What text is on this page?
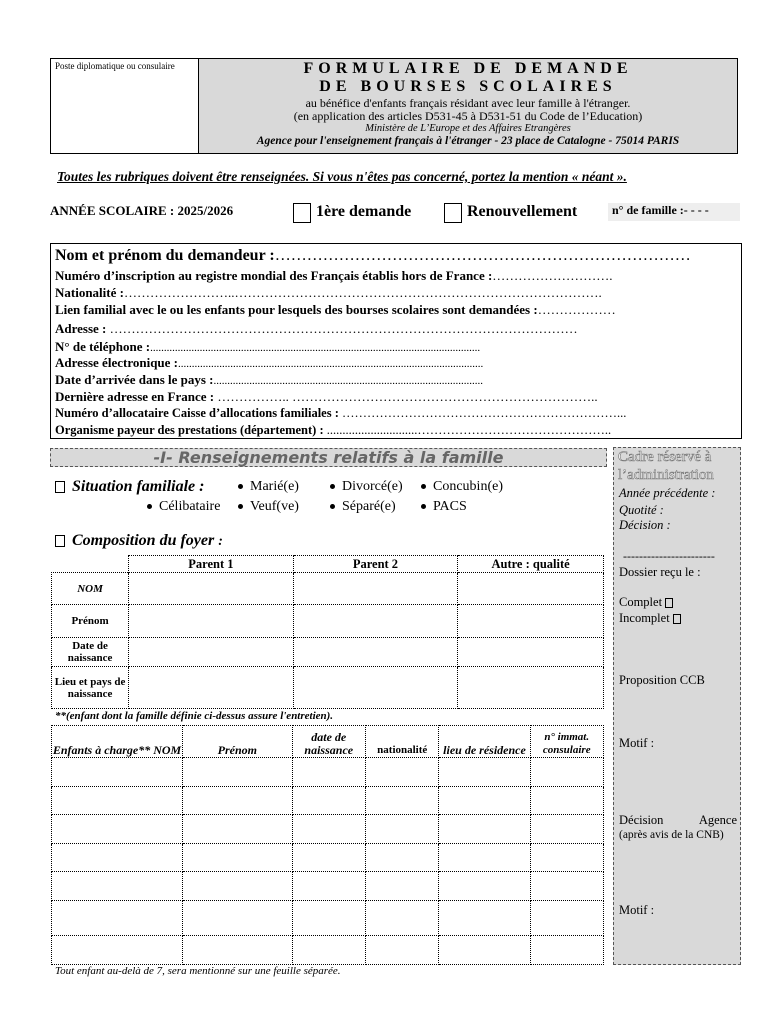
Poste diplomatique ou consulaire	FORMULAIRE DE DEMANDE
DE BOURSES SCOLAIRES
au bénéfice d'enfants français résidant avec leur famille à l'étranger.
(en application des articles D531-45 à D531-51 du Code de l’Education)
Ministère de L’Europe et des Affaires Etrangères
Agence pour l'enseignement français à l'étranger - 23 place de Catalogne - 75014 PARIS
Toutes les rubriques doivent être renseignées. Si vous n'êtes pas concerné, portez la mention « néant ».
ANNÉE SCOLAIRE : 2025/2026	1ère demande	Renouvellement	n° de famille :- - - -
Nom et prénom du demandeur :……………………………………………………………………
Numéro d’inscription au registre mondial des Français établis hors de France :……………………….
Nationalité :……………………..………………………………………………………………………….
Lien familial avec le ou les enfants pour lesquels des bourses scolaires sont demandées :………………
Adresse : ………………………………………………………………………………………………
N° de téléphone :........................................................................................................................
Adresse électronique :...............................................................................................................
Date d’arrivée dans le pays :..................................................................................................
Dernière adresse en France : …………….. ……………………………………………………………..
Numéro d’allocataire Caisse d’allocations familiales : …………………………………………………………...
Organisme payeur des prestations (département) : .............................………………………………………..
-I- Renseignements relatifs à la famille
Situation familiale :	Marié(e)	Divorcé(e)	Concubin(e)
Célibataire	Veuf(ve)	Séparé(e)	PACS
Composition du foyer :
	Parent 1	Parent 2	Autre : qualité
NOM			
Prénom			
Date de naissance			
Lieu et pays de naissance			
**(enfant dont la famille définie ci-dessus assure l'entretien).
Enfants à charge** NOM	Prénom	date de naissance	nationalité	lieu de résidence	n° immat. consulaire

Tout enfant au-delà de 7, sera mentionné sur une feuille séparée.
Cadre réservé à l’administration
Année précédente :
Quotité :
Décision :
-----------------------
Dossier reçu le :
Complet
Incomplet
Proposition CCB
Motif :
Décision Agence
(après avis de la CNB)
Motif :
